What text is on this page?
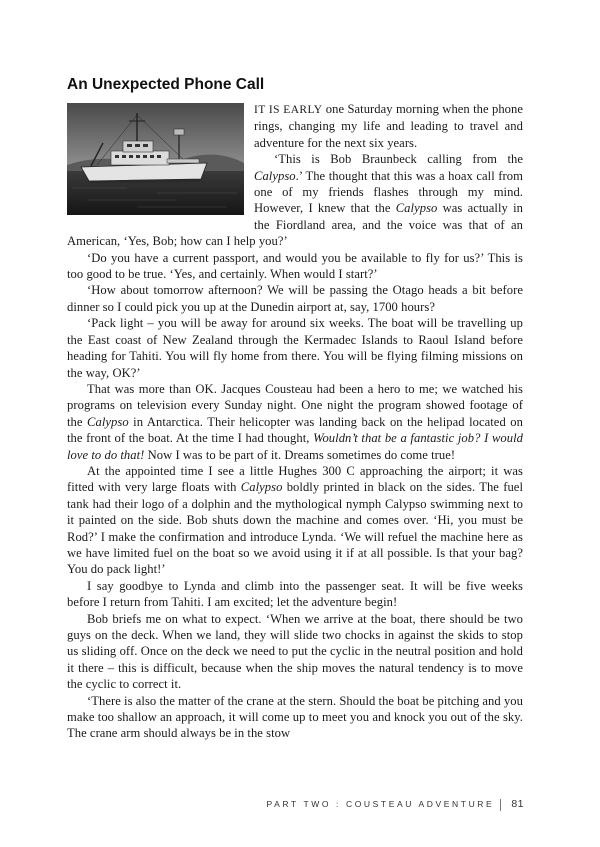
An Unexpected Phone Call

IT IS EARLY one Saturday morning when the phone rings, changing my life and leading to travel and adventure for the next six years.

‘This is Bob Braunbeck calling from the Calypso.’ The thought that this was a hoax call from one of my friends flashes through my mind. However, I knew that the Calypso was actually in the Fiordland area, and the voice was that of an American, ‘Yes, Bob; how can I help you?’

‘Do you have a current passport, and would you be available to fly for us?’ This is too good to be true. ‘Yes, and certainly. When would I start?’

‘How about tomorrow afternoon? We will be passing the Otago heads a bit before dinner so I could pick you up at the Dunedin airport at, say, 1700 hours?

‘Pack light – you will be away for around six weeks. The boat will be travelling up the East coast of New Zealand through the Kermadec Islands to Raoul Island before heading for Tahiti. You will fly home from there. You will be flying filming missions on the way, OK?’

That was more than OK. Jacques Cousteau had been a hero to me; we watched his programs on television every Sunday night. One night the program showed footage of the Calypso in Antarctica. Their helicopter was landing back on the helipad located on the front of the boat. At the time I had thought, Wouldn’t that be a fantastic job? I would love to do that! Now I was to be part of it. Dreams sometimes do come true!

At the appointed time I see a little Hughes 300 C approaching the airport; it was fitted with very large floats with Calypso boldly printed in black on the sides. The fuel tank had their logo of a dolphin and the mythological nymph Calypso swimming next to it painted on the side. Bob shuts down the machine and comes over. ‘Hi, you must be Rod?’ I make the confirmation and introduce Lynda. ‘We will refuel the machine here as we have limited fuel on the boat so we avoid using it if at all possible. Is that your bag? You do pack light!’

I say goodbye to Lynda and climb into the passenger seat. It will be five weeks before I return from Tahiti. I am excited; let the adventure begin!

Bob briefs me on what to expect. ‘When we arrive at the boat, there should be two guys on the deck. When we land, they will slide two chocks in against the skids to stop us sliding off. Once on the deck we need to put the cyclic in the neutral position and hold it there – this is difficult, because when the ship moves the natural tendency is to move the cyclic to correct it.

‘There is also the matter of the crane at the stern. Should the boat be pitching and you make too shallow an approach, it will come up to meet you and knock you out of the sky. The crane arm should always be in the stow

PART TWO : COUSTEAU ADVENTURE 81
